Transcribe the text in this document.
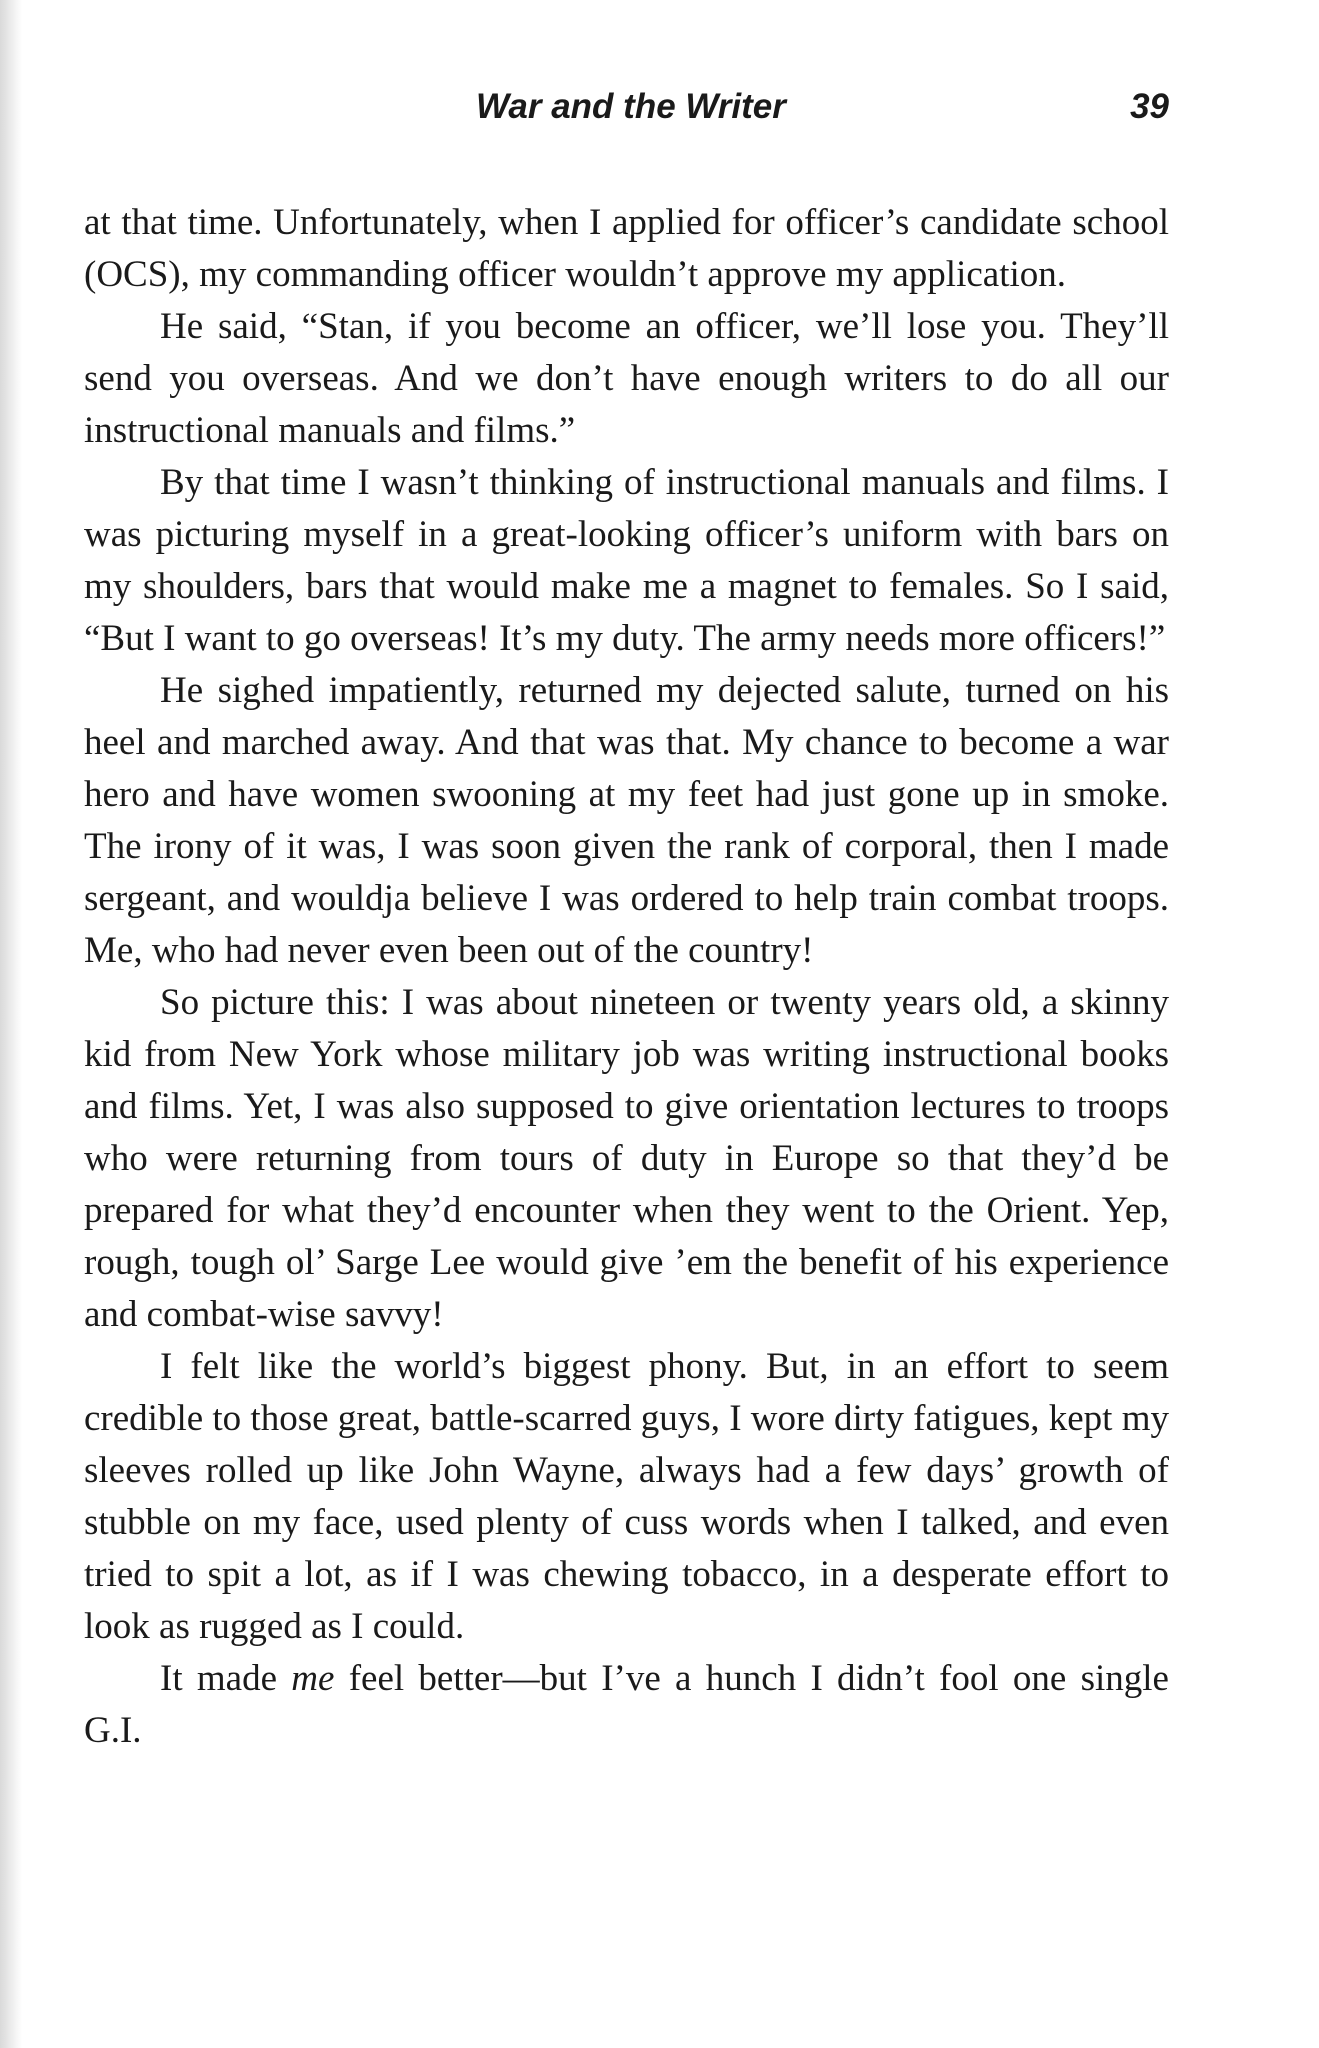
War and the Writer	39

at that time. Unfortunately, when I applied for officer’s candidate school (OCS), my commanding officer wouldn’t approve my application.

He said, “Stan, if you become an officer, we’ll lose you. They’ll send you overseas. And we don’t have enough writers to do all our instructional manuals and films.”

By that time I wasn’t thinking of instructional manuals and films. I was picturing myself in a great-looking officer’s uniform with bars on my shoulders, bars that would make me a magnet to females. So I said, “But I want to go overseas! It’s my duty. The army needs more officers!”

He sighed impatiently, returned my dejected salute, turned on his heel and marched away. And that was that. My chance to become a war hero and have women swooning at my feet had just gone up in smoke. The irony of it was, I was soon given the rank of corporal, then I made sergeant, and wouldja believe I was ordered to help train combat troops. Me, who had never even been out of the country!

So picture this: I was about nineteen or twenty years old, a skinny kid from New York whose military job was writing instructional books and films. Yet, I was also supposed to give orientation lectures to troops who were returning from tours of duty in Europe so that they’d be prepared for what they’d encounter when they went to the Orient. Yep, rough, tough ol’ Sarge Lee would give ’em the benefit of his experience and combat-wise savvy!

I felt like the world’s biggest phony. But, in an effort to seem credible to those great, battle-scarred guys, I wore dirty fatigues, kept my sleeves rolled up like John Wayne, always had a few days’ growth of stubble on my face, used plenty of cuss words when I talked, and even tried to spit a lot, as if I was chewing tobacco, in a desperate effort to look as rugged as I could.

It made me feel better—but I’ve a hunch I didn’t fool one single G.I.
